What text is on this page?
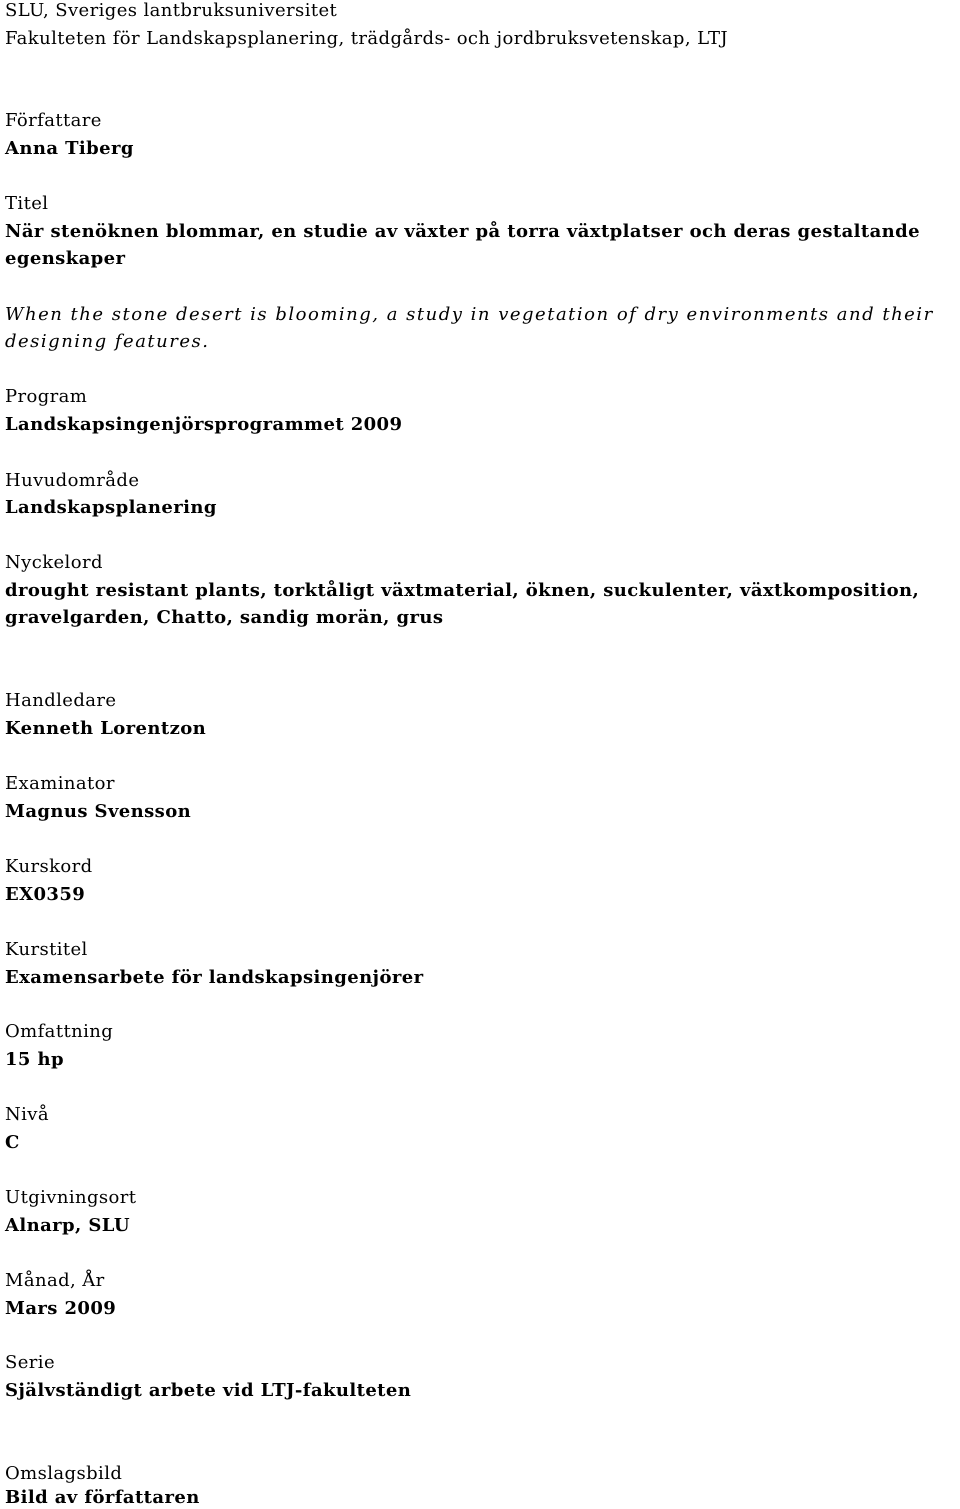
SLU, Sveriges lantbruksuniversitet

Fakulteten för Landskapsplanering, trädgårds- och jordbruksvetenskap, LTJ

Författare

Anna Tiberg

Titel

När stenöknen blommar, en studie av växter på torra växtplatser och deras gestaltande

egenskaper

When the stone desert is blooming, a study in vegetation of dry environments and their

designing features.

Program

Landskapsingenjörsprogrammet 2009

Huvudområde

Landskapsplanering

Nyckelord

drought resistant plants, torktåligt växtmaterial, öknen, suckulenter, växtkomposition,

gravelgarden, Chatto, sandig morän, grus

Handledare

Kenneth Lorentzon

Examinator

Magnus Svensson

Kurskord

EX0359

Kurstitel

Examensarbete för landskapsingenjörer

Omfattning

15 hp

Nivå

C

Utgivningsort

Alnarp, SLU

Månad, År

Mars 2009

Serie

Självständigt arbete vid LTJ-fakulteten

Omslagsbild

Bild av författaren
